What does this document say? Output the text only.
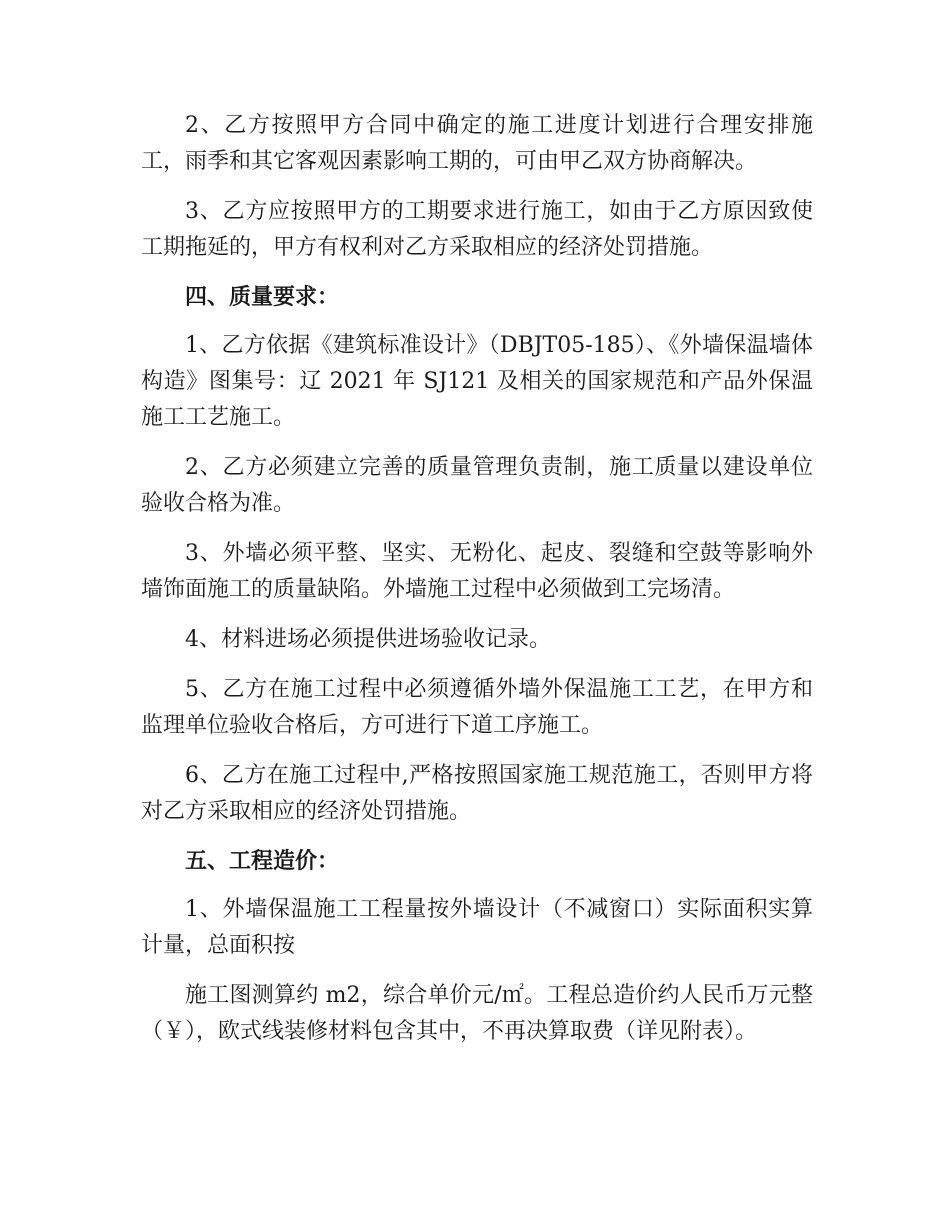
2、乙方按照甲方合同中确定的施工进度计划进行合理安排施工，雨季和其它客观因素影响工期的，可由甲乙双方协商解决。

3、乙方应按照甲方的工期要求进行施工，如由于乙方原因致使工期拖延的，甲方有权利对乙方采取相应的经济处罚措施。

四、质量要求：

1、乙方依据《建筑标准设计》（DBJT05-185）、《外墙保温墙体构造》图集号：辽 2021 年 SJ121 及相关的国家规范和产品外保温施工工艺施工。

2、乙方必须建立完善的质量管理负责制，施工质量以建设单位验收合格为准。

3、外墙必须平整、坚实、无粉化、起皮、裂缝和空鼓等影响外墙饰面施工的质量缺陷。外墙施工过程中必须做到工完场清。

4、材料进场必须提供进场验收记录。

5、乙方在施工过程中必须遵循外墙外保温施工工艺，在甲方和监理单位验收合格后，方可进行下道工序施工。

6、乙方在施工过程中,严格按照国家施工规范施工，否则甲方将对乙方采取相应的经济处罚措施。

五、工程造价：

1、外墙保温施工工程量按外墙设计（不减窗口）实际面积实算计量，总面积按

施工图测算约 m2，综合单价元/㎡。工程总造价约人民币万元整（￥），欧式线装修材料包含其中，不再决算取费（详见附表）。
